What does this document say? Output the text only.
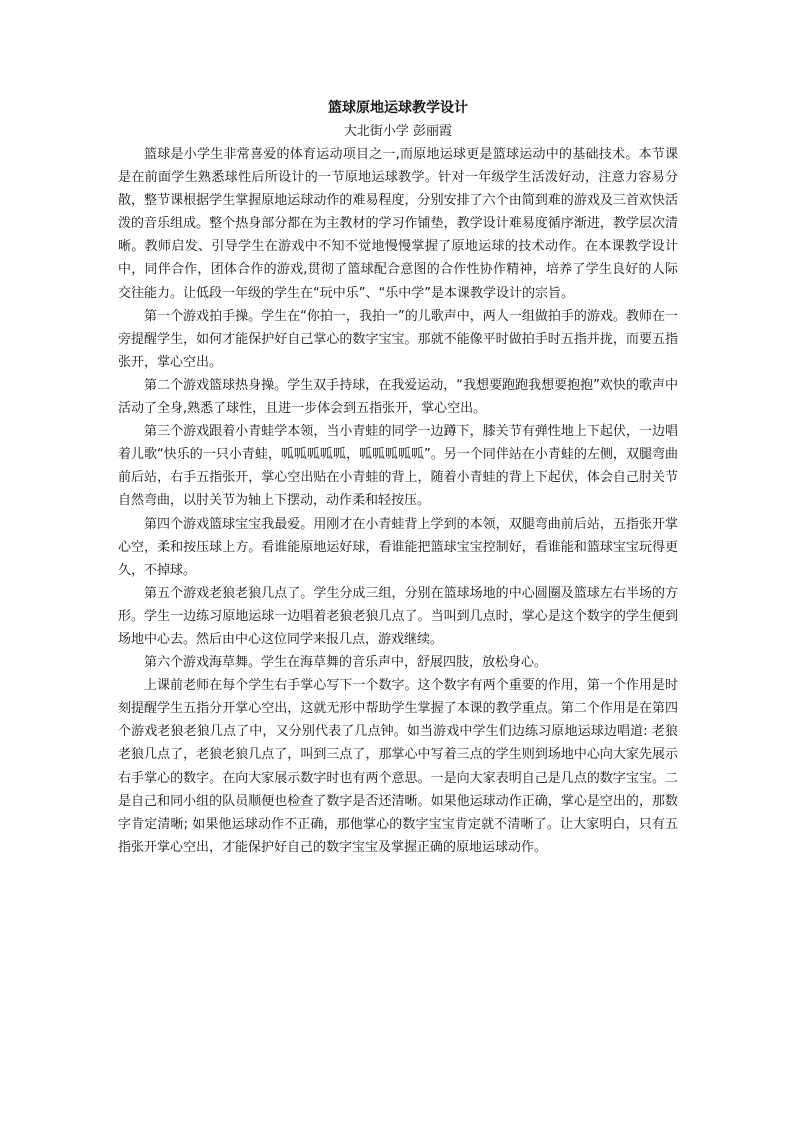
篮球原地运球教学设计

大北街小学 彭丽霞

篮球是小学生非常喜爱的体育运动项目之一,而原地运球更是篮球运动中的基础技术。本节课是在前面学生熟悉球性后所设计的一节原地运球教学。针对一年级学生活泼好动，注意力容易分散，整节课根据学生掌握原地运球动作的难易程度，分别安排了六个由简到难的游戏及三首欢快活泼的音乐组成。整个热身部分都在为主教材的学习作铺垫，教学设计难易度循序渐进，教学层次清晰。教师启发、引导学生在游戏中不知不觉地慢慢掌握了原地运球的技术动作。在本课教学设计中，同伴合作，团体合作的游戏,贯彻了篮球配合意图的合作性协作精神，培养了学生良好的人际交往能力。让低段一年级的学生在“玩中乐”、“乐中学”是本课教学设计的宗旨。

第一个游戏拍手操。学生在“你拍一，我拍一”的儿歌声中，两人一组做拍手的游戏。教师在一旁提醒学生，如何才能保护好自己掌心的数字宝宝。那就不能像平时做拍手时五指并拢，而要五指张开，掌心空出。

第二个游戏篮球热身操。学生双手持球，在我爱运动，“我想要跑跑我想要抱抱”欢快的歌声中活动了全身,熟悉了球性，且进一步体会到五指张开，掌心空出。

第三个游戏跟着小青蛙学本领，当小青蛙的同学一边蹲下，膝关节有弹性地上下起伏，一边唱着儿歌“快乐的一只小青蛙，呱呱呱呱呱，呱呱呱呱呱”。另一个同伴站在小青蛙的左侧，双腿弯曲前后站，右手五指张开，掌心空出贴在小青蛙的背上，随着小青蛙的背上下起伏，体会自己肘关节自然弯曲，以肘关节为轴上下摆动，动作柔和轻按压。

第四个游戏篮球宝宝我最爱。用刚才在小青蛙背上学到的本领，双腿弯曲前后站，五指张开掌心空，柔和按压球上方。看谁能原地运好球，看谁能把篮球宝宝控制好，看谁能和篮球宝宝玩得更久，不掉球。

第五个游戏老狼老狼几点了。学生分成三组，分别在篮球场地的中心圆圈及篮球左右半场的方形。学生一边练习原地运球一边唱着老狼老狼几点了。当叫到几点时，掌心是这个数字的学生便到场地中心去。然后由中心这位同学来报几点，游戏继续。

第六个游戏海草舞。学生在海草舞的音乐声中，舒展四肢，放松身心。

上课前老师在每个学生右手掌心写下一个数字。这个数字有两个重要的作用，第一个作用是时刻提醒学生五指分开掌心空出，这就无形中帮助学生掌握了本课的教学重点。第二个作用是在第四个游戏老狼老狼几点了中，又分别代表了几点钟。如当游戏中学生们边练习原地运球边唱道: 老狼老狼几点了，老狼老狼几点了，叫到三点了，那掌心中写着三点的学生则到场地中心向大家先展示右手掌心的数字。在向大家展示数字时也有两个意思。一是向大家表明自己是几点的数字宝宝。二是自己和同小组的队员顺便也检查了数字是否还清晰。如果他运球动作正确，掌心是空出的，那数字肯定清晰; 如果他运球动作不正确，那他掌心的数字宝宝肯定就不清晰了。让大家明白，只有五指张开掌心空出，才能保护好自己的数字宝宝及掌握正确的原地运球动作。
